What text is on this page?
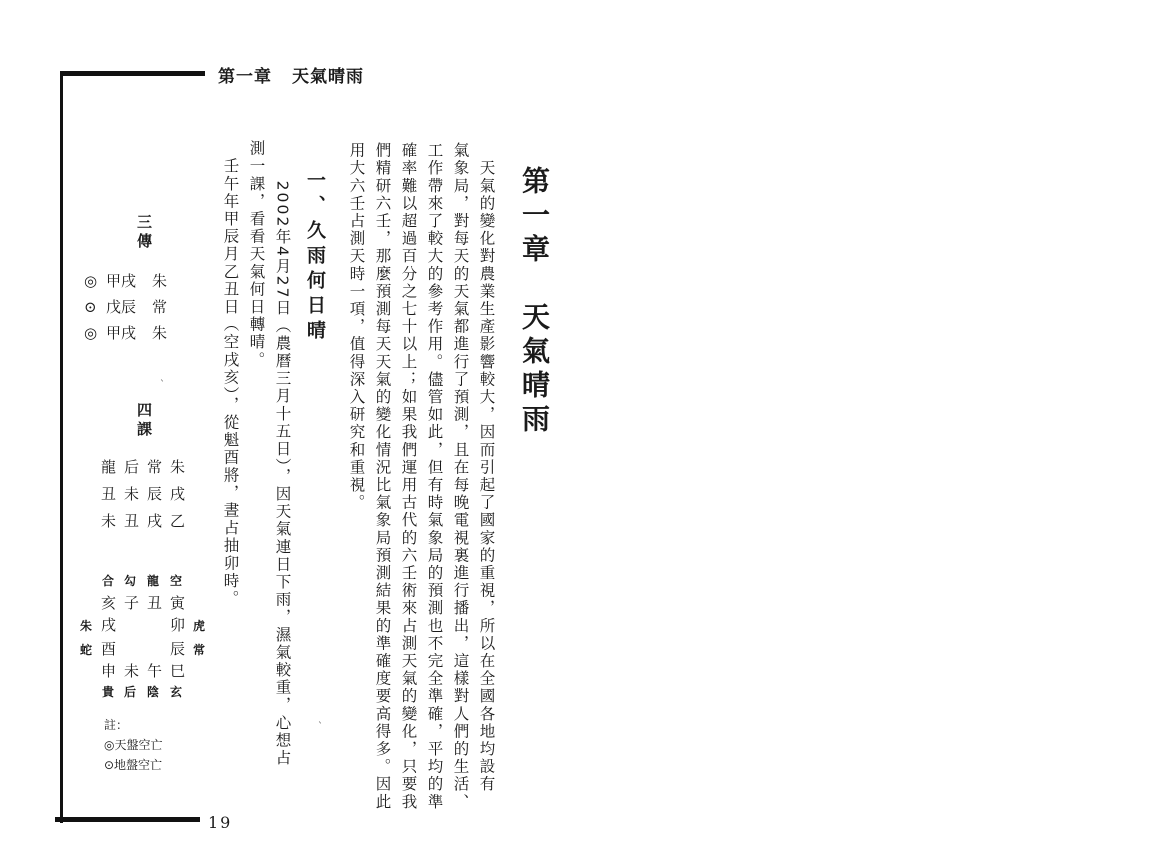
第一章 天氣晴雨
第一章　天氣晴雨
　天氣的變化對農業生產影響較大，因而引起了國家的重視，所以在全國各地均設有
氣象局，對每天的天氣都進行了預測，且在每晚電視裏進行播出，這樣對人們的生活、
工作帶來了較大的參考作用。儘管如此，但有時氣象局的預測也不完全準確，平均的準
確率難以超過百分之七十以上；如果我們運用古代的六壬術來占測天氣的變化，只要我
們精研六壬，那麼預測每天天氣的變化情況比氣象局預測結果的準確度要高得多。因此
用大六壬占測天時一項，值得深入研究和重視。
一、久雨何日晴
　2002年4月27日（農曆三月十五日），因天氣連日下雨，濕氣較重，心想占
測一課，看看天氣何日轉晴。
　壬午年甲辰月乙丑日（空戌亥），從魁酉將，晝占抽卯時。
三傳
◎ 甲戌 朱
⊙ 戊辰 常
◎ 甲戌 朱
四課
龍 后 常 朱
丑 未 辰 戌
未 丑 戌 乙
合 勾 龍 空
亥 子 丑 寅
朱 戌	卯 虎
蛇 酉	辰 常
申 未 午 巳
貴 后 陰 玄
註：
◎天盤空亡
⊙地盤空亡
ˋ
ˋ
19
